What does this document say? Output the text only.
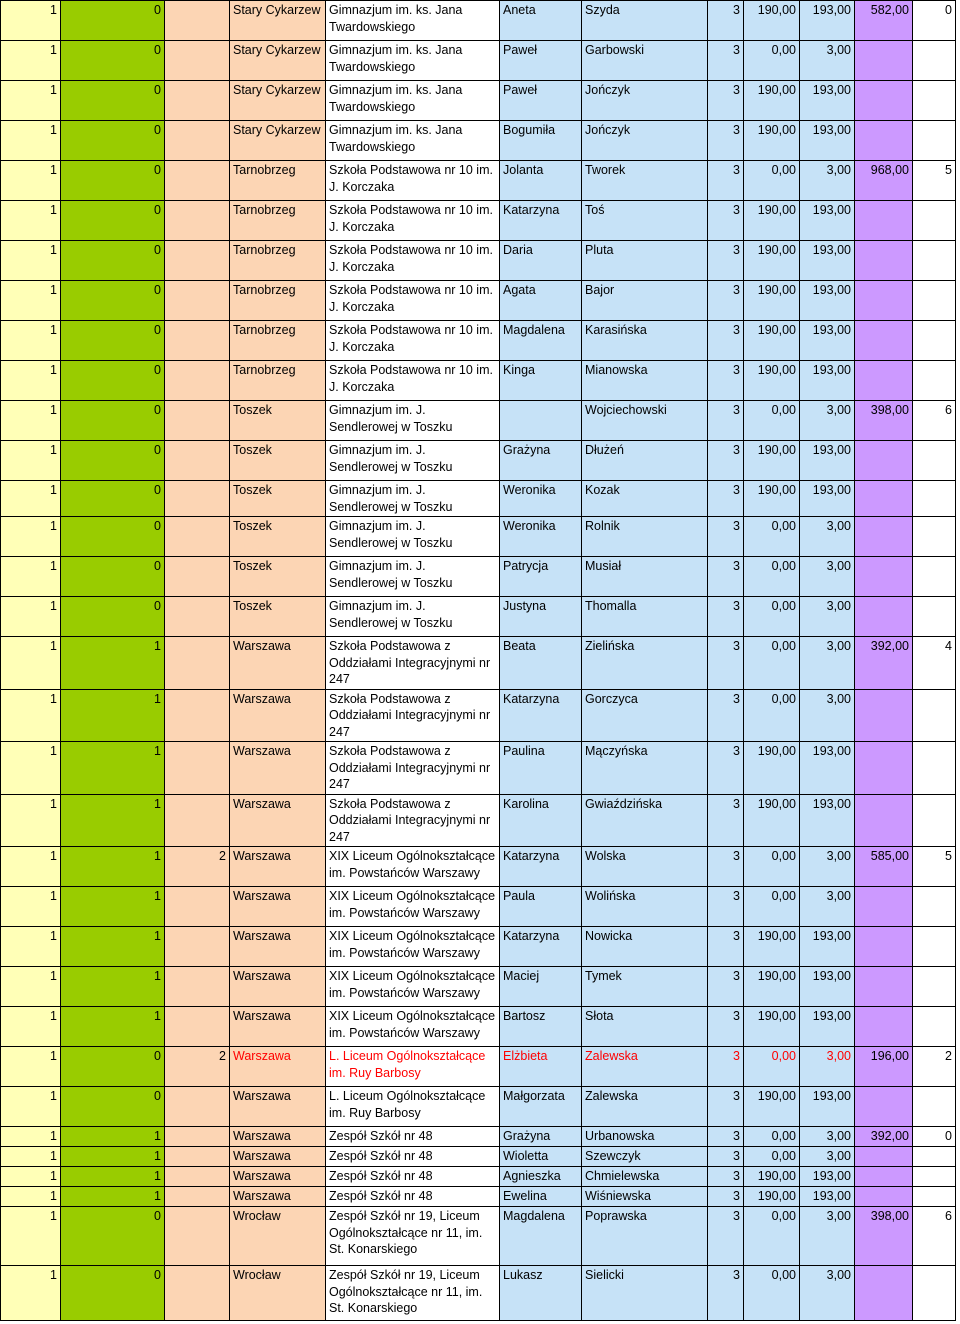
1	0		Stary Cykarzew	Gimnazjum im. ks. Jana Twardowskiego	Aneta	Szyda	3	190,00	193,00	582,00	0
1	0		Stary Cykarzew	Gimnazjum im. ks. Jana Twardowskiego	Paweł	Garbowski	3	0,00	3,00		
1	0		Stary Cykarzew	Gimnazjum im. ks. Jana Twardowskiego	Paweł	Jończyk	3	190,00	193,00		
1	0		Stary Cykarzew	Gimnazjum im. ks. Jana Twardowskiego	Bogumiła	Jończyk	3	190,00	193,00		
1	0		Tarnobrzeg	Szkoła Podstawowa nr 10 im. J. Korczaka	Jolanta	Tworek	3	0,00	3,00	968,00	5
1	0		Tarnobrzeg	Szkoła Podstawowa nr 10 im. J. Korczaka	Katarzyna	Toś	3	190,00	193,00		
1	0		Tarnobrzeg	Szkoła Podstawowa nr 10 im. J. Korczaka	Daria	Pluta	3	190,00	193,00		
1	0		Tarnobrzeg	Szkoła Podstawowa nr 10 im. J. Korczaka	Agata	Bajor	3	190,00	193,00		
1	0		Tarnobrzeg	Szkoła Podstawowa nr 10 im. J. Korczaka	Magdalena	Karasińska	3	190,00	193,00		
1	0		Tarnobrzeg	Szkoła Podstawowa nr 10 im. J. Korczaka	Kinga	Mianowska	3	190,00	193,00		
1	0		Toszek	Gimnazjum im. J. Sendlerowej w Toszku		Wojciechowski	3	0,00	3,00	398,00	6
1	0		Toszek	Gimnazjum im. J. Sendlerowej w Toszku	Grażyna	Dłużeń	3	190,00	193,00		
1	0		Toszek	Gimnazjum im. J. Sendlerowej w Toszku	Weronika	Kozak	3	190,00	193,00		
1	0		Toszek	Gimnazjum im. J. Sendlerowej w Toszku	Weronika	Rolnik	3	0,00	3,00		
1	0		Toszek	Gimnazjum im. J. Sendlerowej w Toszku	Patrycja	Musiał	3	0,00	3,00		
1	0		Toszek	Gimnazjum im. J. Sendlerowej w Toszku	Justyna	Thomalla	3	0,00	3,00		
1	1		Warszawa	Szkoła Podstawowa z Oddziałami Integracyjnymi nr 247	Beata	Zielińska	3	0,00	3,00	392,00	4
1	1		Warszawa	Szkoła Podstawowa z Oddziałami Integracyjnymi nr 247	Katarzyna	Gorczyca	3	0,00	3,00		
1	1		Warszawa	Szkoła Podstawowa z Oddziałami Integracyjnymi nr 247	Paulina	Mączyńska	3	190,00	193,00		
1	1		Warszawa	Szkoła Podstawowa z Oddziałami Integracyjnymi nr 247	Karolina	Gwiaździńska	3	190,00	193,00		
1	1	2	Warszawa	XIX Liceum Ogólnokształcące im. Powstańców Warszawy	Katarzyna	Wolska	3	0,00	3,00	585,00	5
1	1		Warszawa	XIX Liceum Ogólnokształcące im. Powstańców Warszawy	Paula	Wolińska	3	0,00	3,00		
1	1		Warszawa	XIX Liceum Ogólnokształcące im. Powstańców Warszawy	Katarzyna	Nowicka	3	190,00	193,00		
1	1		Warszawa	XIX Liceum Ogólnokształcące im. Powstańców Warszawy	Maciej	Tymek	3	190,00	193,00		
1	1		Warszawa	XIX Liceum Ogólnokształcące im. Powstańców Warszawy	Bartosz	Słota	3	190,00	193,00		
1	0	2	Warszawa	L. Liceum Ogólnokształcące im. Ruy Barbosy	Elżbieta	Zalewska	3	0,00	3,00	196,00	2
1	0		Warszawa	L. Liceum Ogólnokształcące im. Ruy Barbosy	Małgorzata	Zalewska	3	190,00	193,00		
1	1		Warszawa	Zespół Szkół nr 48	Grażyna	Urbanowska	3	0,00	3,00	392,00	0
1	1		Warszawa	Zespół Szkół nr 48	Wioletta	Szewczyk	3	0,00	3,00		
1	1		Warszawa	Zespół Szkół nr 48	Agnieszka	Chmielewska	3	190,00	193,00		
1	1		Warszawa	Zespół Szkół nr 48	Ewelina	Wiśniewska	3	190,00	193,00		
1	0		Wrocław	Zespół Szkół nr 19, Liceum Ogólnokształcące nr 11, im. St. Konarskiego	Magdalena	Poprawska	3	0,00	3,00	398,00	6
1	0		Wrocław	Zespół Szkół nr 19, Liceum Ogólnokształcące nr 11, im. St. Konarskiego	Lukasz	Sielicki	3	0,00	3,00		
